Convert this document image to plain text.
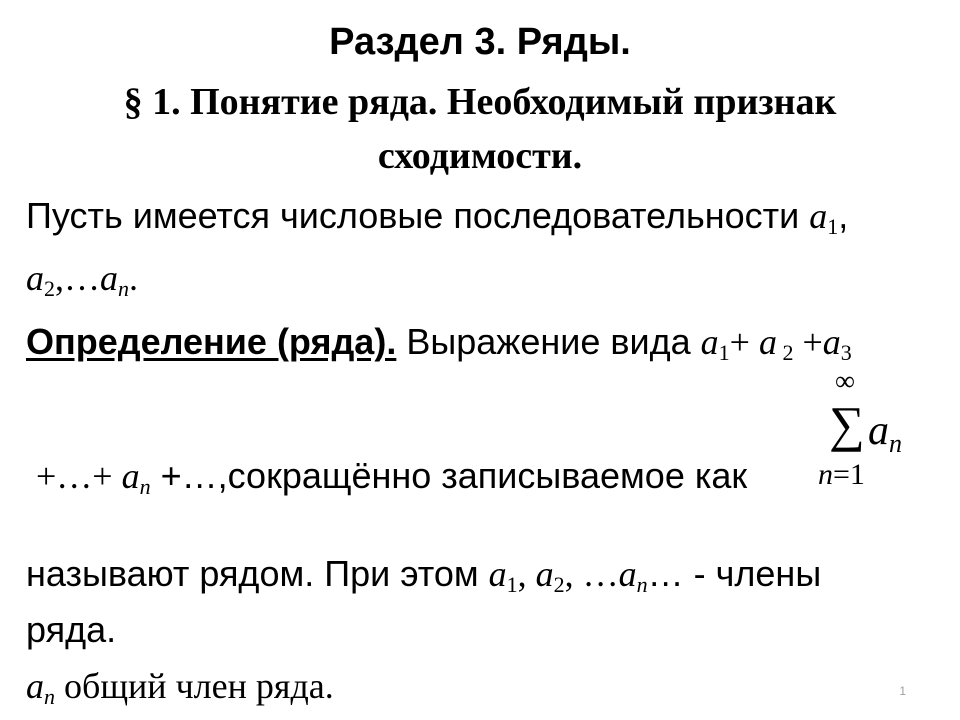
Раздел 3. Ряды.
§ 1. Понятие ряда. Необходимый признак
сходимости.
Пусть имеется числовые последовательности $a_1$,
$a_2,\dots a_n$.
Определение (ряда). Выражение вида $a_1+ a$ $_2 +a_3$
∞
∑ $a_n$
n=1
+…+ $a_n$ +…,сокращённо записываемое как
называют рядом. При этом $a_1$, $a_2$, $\dots a_n\dots$ - члены
ряда.
$a_n$ общий член ряда.	1
